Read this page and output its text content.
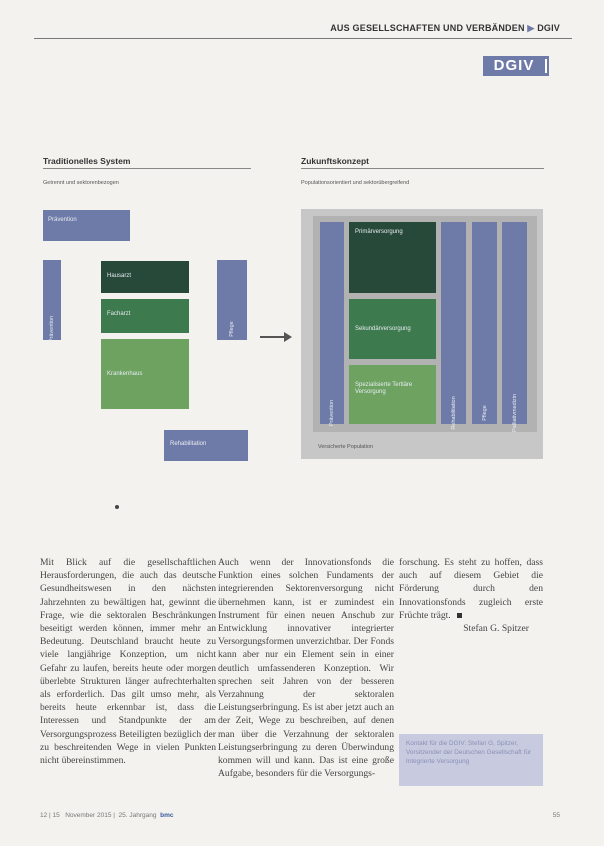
AUS GESELLSCHAFTEN UND VERBÄNDEN ▶ DGIV
DGIV
Traditionelles System
Getrennt und sektorenbezogen
Prävention
Prävention
Hausarzt
Facharzt
Krankenhaus
Pflege
Rehabilitation
Zukunftskonzept
Populationsorientiert und sektorübergreifend
Prävention
Primärversorgung
Sekundärversorgung
Spezialisierte Tertiäre Versorgung
Rehabilitation	Pflege	Palliativmedizin
Versicherte Population

Mit Blick auf die gesellschaftlichen Herausforderungen, die auch das deutsche Gesundheitswesen in den nächsten Jahrzehnten zu bewältigen hat, gewinnt die Frage, wie die sektoralen Beschränkungen beseitigt werden können, immer mehr an Bedeutung. Deutschland braucht heute zu viele langjährige Konzeption, um nicht Gefahr zu laufen, bereits heute oder morgen überlebte Strukturen länger aufrechterhalten als erforderlich. Das gilt umso mehr, als bereits heute erkennbar ist, dass die Interessen und Standpunkte der am Versorgungsprozess Beteiligten bezüglich der zu beschreitenden Wege in vielen Punkten nicht übereinstimmen.

Auch wenn der Innovationsfonds die Funktion eines solchen Fundaments der integrierenden Sektorenversorgung nicht übernehmen kann, ist er zumindest ein Instrument für einen neuen Anschub zur Entwicklung innovativer integrierter Versorgungsformen unverzichtbar. Der Fonds kann aber nur ein Element sein in einer deutlich umfassenderen Konzeption. Wir sprechen seit Jahren von der besseren Verzahnung der sektoralen Leistungserbringung. Es ist aber jetzt auch an der Zeit, Wege zu beschreiben, auf denen man über die Verzahnung der sektoralen Leistungserbringung zu deren Überwindung kommen will und kann. Das ist eine große Aufgabe, besonders für die Versorgungs-

forschung. Es steht zu hoffen, dass auch auf diesem Gebiet die Förderung durch den Innovationsfonds zugleich erste Früchte trägt.

Stefan G. Spitzer

Kontakt für die DGIV: Stefan G. Spitzer, Vorsitzender der Deutschen Gesellschaft für Integrierte Versorgung
12 | 15 November 2015 |  25. Jahrgang bmc	55
